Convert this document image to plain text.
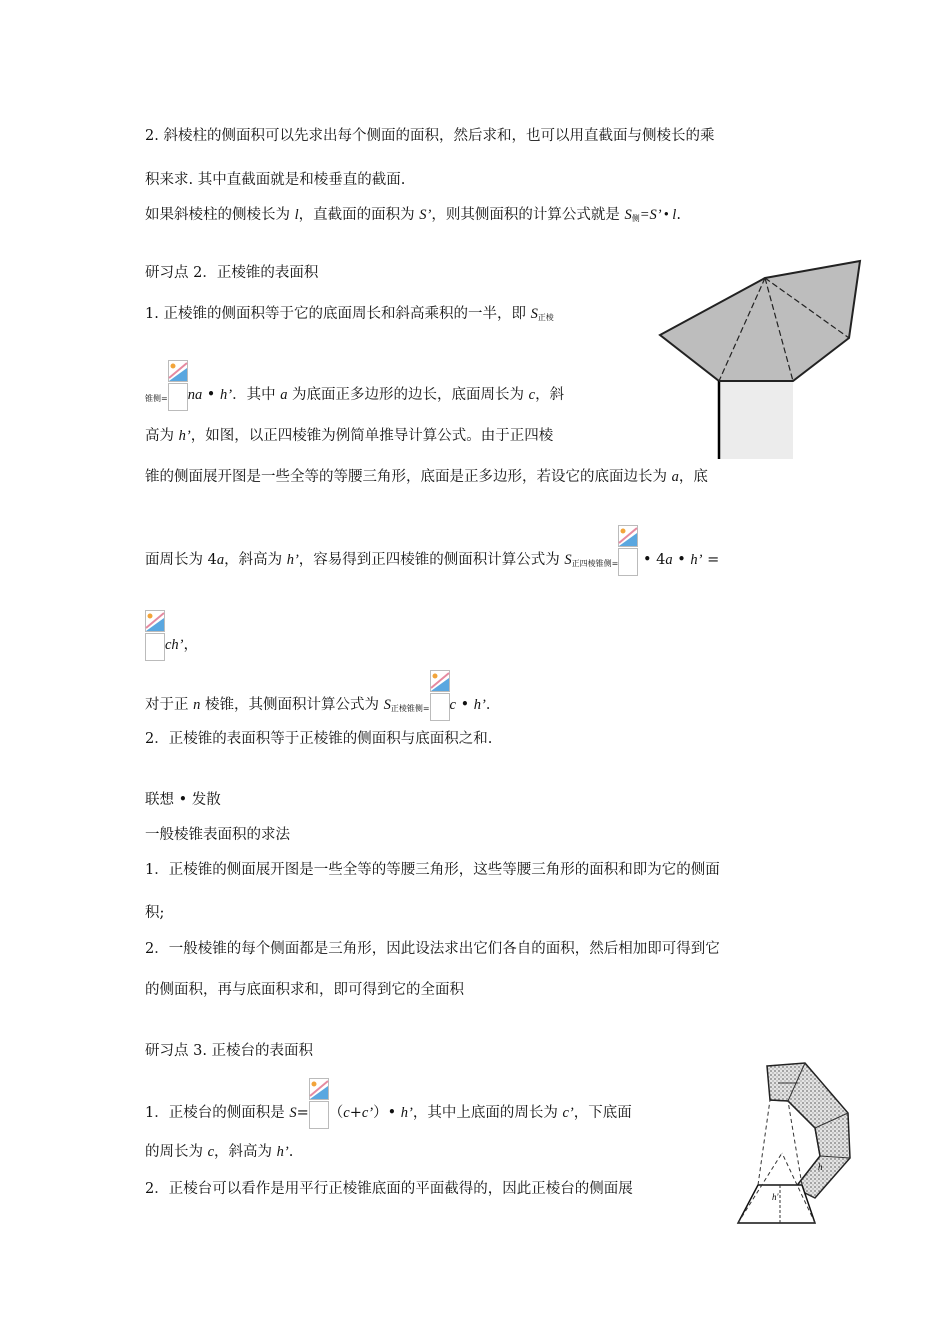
2. 斜棱柱的侧面积可以先求出每个侧面的面积，然后求和，也可以用直截面与侧棱长的乘
积来求. 其中直截面就是和棱垂直的截面.
如果斜棱柱的侧棱长为 l，直截面的面积为 S’，则其侧面积的计算公式就是 $S_侧=S$’ • l.
研习点 2．正棱锥的表面积
1. 正棱锥的侧面积等于它的底面周长和斜高乘积的一半，即 $S_{正棱}$
$_{锥侧=}$ na • h’．其中 a 为底面正多边形的边长，底面周长为 c，斜
高为 h’，如图，以正四棱锥为例简单推导计算公式。由于正四棱
锥的侧面展开图是一些全等的等腰三角形，底面是正多边形，若设它的底面边长为 a，底
面周长为 4a，斜高为 h’，容易得到正四棱锥的侧面积计算公式为 $S_{正四棱锥侧=}$
• 4a • h’ =
ch’，
对于正 n 棱锥，其侧面积计算公式为 $S_{正棱锥侧=}$ c • h’．
2．正棱锥的表面积等于正棱锥的侧面积与底面积之和.
联想 • 发散
一般棱锥表面积的求法
1．正棱锥的侧面展开图是一些全等的等腰三角形，这些等腰三角形的面积和即为它的侧面
积;
2．一般棱锥的每个侧面都是三角形，因此设法求出它们各自的面积，然后相加即可得到它
的侧面积，再与底面积求和，即可得到它的全面积
研习点 3. 正棱台的表面积
1．正棱台的侧面积是 S= （c+c’）• h’，其中上底面的周长为 c’，下底面
的周长为 c，斜高为 h’.
2．正棱台可以看作是用平行正棱锥底面的平面截得的，因此正棱台的侧面展	h'
h
